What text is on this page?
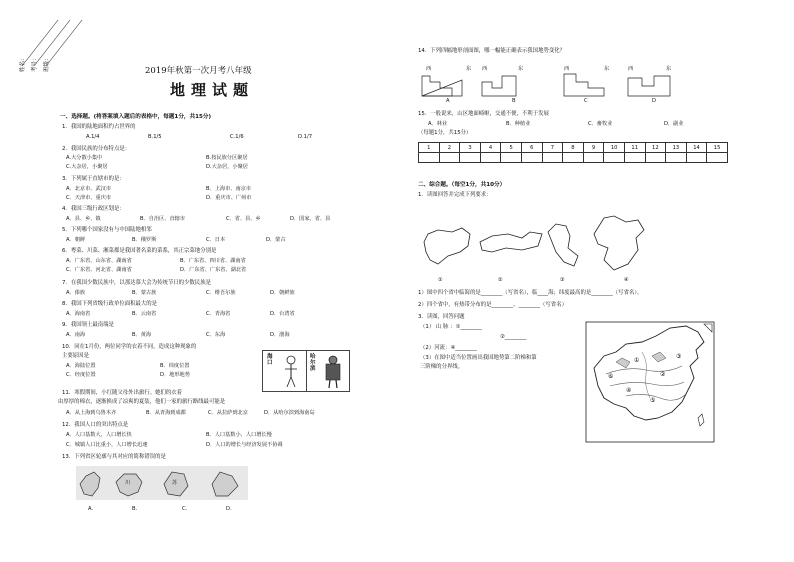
姓名：	考号：	班级：	2019年秋第一次月考八年级
地理试题
一、选择题。(将答案填入题后的表格中，每题1分，共15分)
1．我国的陆地面积约占世界的
A.1/4	B.1/5	C.1/6	D.1/7
2．我国民族的分布特点是：
A.大分散小集中	B.按民族分区聚居
C.大杂居，小聚居	D.大杂居，小聚居
3．下列属于直辖市的是：
A．北京市、武汉市	B．上海市、南京市
C．天津市、重庆市	D．重庆市、广州市
4．我国三级行政区划是：
A．县、乡、镇	B．自治区、直辖市	C．省、县、乡	D．国家、省、县
5．下列哪个国家没有与中国陆地相邻
A．朝鲜	B．俄罗斯	C．日本	D．蒙古
6．粤菜、川菜、湘菜都是我国著名菜的菜系，其正宗菜地分别是
A．广东省、山东省、湖南省	B．广东省、四川省、湖南省
C．广东省、河北省、湖南省	D．广东省、广东省、湖北省
7．在我国少数民族中，以那达慕大会为传统节日的少数民族是
A．傣族	B．蒙古族	C．维吾尔族	D．朝鲜族
8．我国下列省级行政单位面积最大的是
A．海南省	B．云南省	C．青海省	D．台湾省
9．我国领土最南端是
A．南海	B．黄海	C．东海	D．渤海
10．同在1月份，两位同学的衣着不同，造成这种现象的
主要原因是
A．海陆位置	B．纬度位置
C．经度位置	D．地形地势
海口
哈尔滨
11．寒假期间，小红随父母外出旅行。她们的衣着
由厚厚的棉衣，逐渐换成了凉爽的夏装，他们一家的旅行路线最可能是
A．从上海到乌鲁木齐	B．从青海到成都	C．从拉萨到北京	D．从哈尔滨到海南岛
12．我国人口的突出特点是
A．人口基数大，人口增长快	B．人口基数小，人口增长慢
C．城镇人口比重小，人口增长迅速	D．人口的增长与经济发展不协调
13．下列省区轮廓与其对应的简称错误的是
川	苏
A.	B.	C.	D.
14．下列四幅地形剖面图，哪一幅能正确表示我国地势变化？
西	东 西	东	西	东	西	东
A	B	C	D
15．一般说来，山区地面崎岖，交通不便，不利于发展
A．林业	B．种植业	C．畜牧业	D．副业
（每题1分，共15分）
1	2	3	4	5	6	7	8	9	10	11	12	13	14	15

二、综合题。（每空1分，共10分）
1．读图回答并完成下列要求：
①	②	③	④
1）图中四个省中临海的是________（写省名），临____海；纬度最高的是________（写省名）。
2）四个省中，有热带分布的是________、________（写省名）
3．读图，回答问题
（1） 山 脉 ：①________
②________
（2）河流：④________
（3）在图中适当位置画出我国地势第二阶梯和第
三阶梯的分界线。
⑥
①
②
③
④
⑤
